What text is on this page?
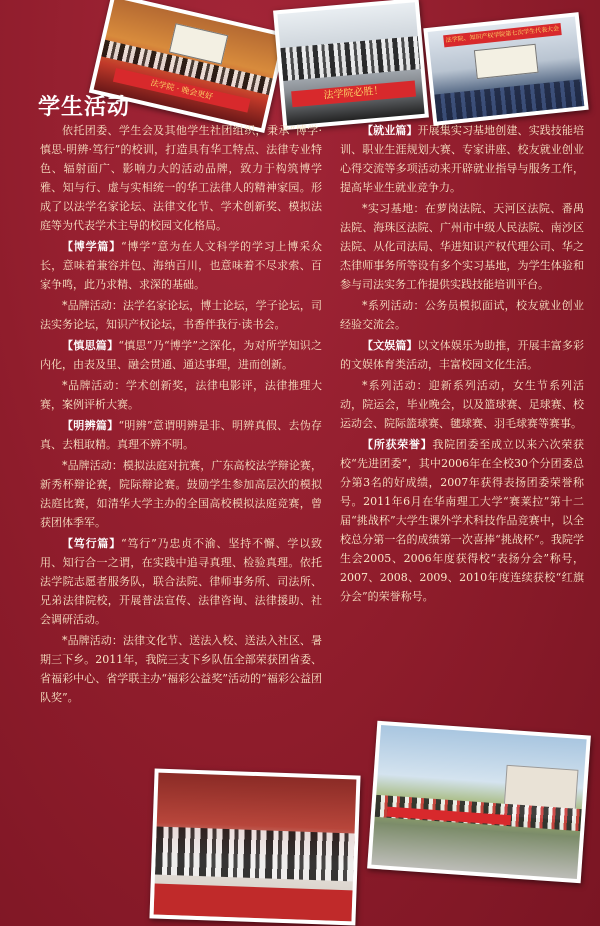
法学院 · 晚会更好	法学院必胜！
法学院、知识产权学院第七次学生代表大会
学生活动

依托团委、学生会及其他学生社团组织，秉承“博学·慎思·明辨·笃行”的校训，打造具有华工特点、法律专业特色、辐射面广、影响力大的活动品牌，致力于构筑博学雅、知与行、虚与实相统一的华工法律人的精神家园。形成了以法学名家论坛、法律文化节、学术创新奖、模拟法庭等为代表学术主导的校园文化格局。

【博学篇】“博学”意为在人文科学的学习上博采众长，意味着兼容并包、海纳百川，也意味着不尽求索、百家争鸣，此乃求精、求深的基础。

*品牌活动：法学名家论坛，博士论坛，学子论坛，司法实务论坛，知识产权论坛，书香伴我行·读书会。

【慎思篇】“慎思”乃“博学”之深化，为对所学知识之内化，由表及里、融会贯通、通达事理，进而创新。

*品牌活动：学术创新奖，法律电影评，法律推理大赛，案例评析大赛。

【明辨篇】“明辨”意谓明辨是非、明辨真假、去伪存真、去粗取精。真理不辨不明。

*品牌活动：模拟法庭对抗赛，广东高校法学辩论赛，新秀杯辩论赛，院际辩论赛。鼓励学生参加高层次的模拟法庭比赛，如清华大学主办的全国高校模拟法庭竞赛，曾获团体季军。

【笃行篇】“笃行”乃忠贞不渝、坚持不懈、学以致用、知行合一之谓，在实践中追寻真理、检验真理。依托法学院志愿者服务队，联合法院、律师事务所、司法所、兄弟法律院校，开展普法宣传、法律咨询、法律援助、社会调研活动。

*品牌活动：法律文化节、送法入校、送法入社区、暑期三下乡。2011年，我院三支下乡队伍全部荣获团省委、省福彩中心、省学联主办“福彩公益奖”活动的“福彩公益团队奖”。

【就业篇】开展集实习基地创建、实践技能培训、职业生涯规划大赛、专家讲座、校友就业创业心得交流等多项活动来开辟就业指导与服务工作，提高毕业生就业竞争力。

*实习基地：在萝岗法院、天河区法院、番禺法院、海珠区法院、广州市中级人民法院、南沙区法院、从化司法局、华进知识产权代理公司、华之杰律师事务所等设有多个实习基地，为学生体验和参与司法实务工作提供实践技能培训平台。

*系列活动：公务员模拟面试，校友就业创业经验交流会。

【文娱篇】以文体娱乐为助推，开展丰富多彩的文娱体育类活动，丰富校园文化生活。

*系列活动：迎新系列活动，女生节系列活动，院运会，毕业晚会，以及篮球赛、足球赛、校运动会、院际篮球赛、毽球赛、羽毛球赛等赛事。

【所获荣誉】我院团委至成立以来六次荣获校“先进团委”，其中2006年在全校30个分团委总分第3名的好成绩，2007年获得表扬团委荣誉称号。2011年6月在华南理工大学“赛莱拉”第十二届“挑战杯”大学生课外学术科技作品竞赛中，以全校总分第一名的成绩第一次喜捧“挑战杯”。我院学生会2005、2006年度获得校“表扬分会”称号，2007、2008、2009、2010年度连续获校“红旗分会”的荣誉称号。
